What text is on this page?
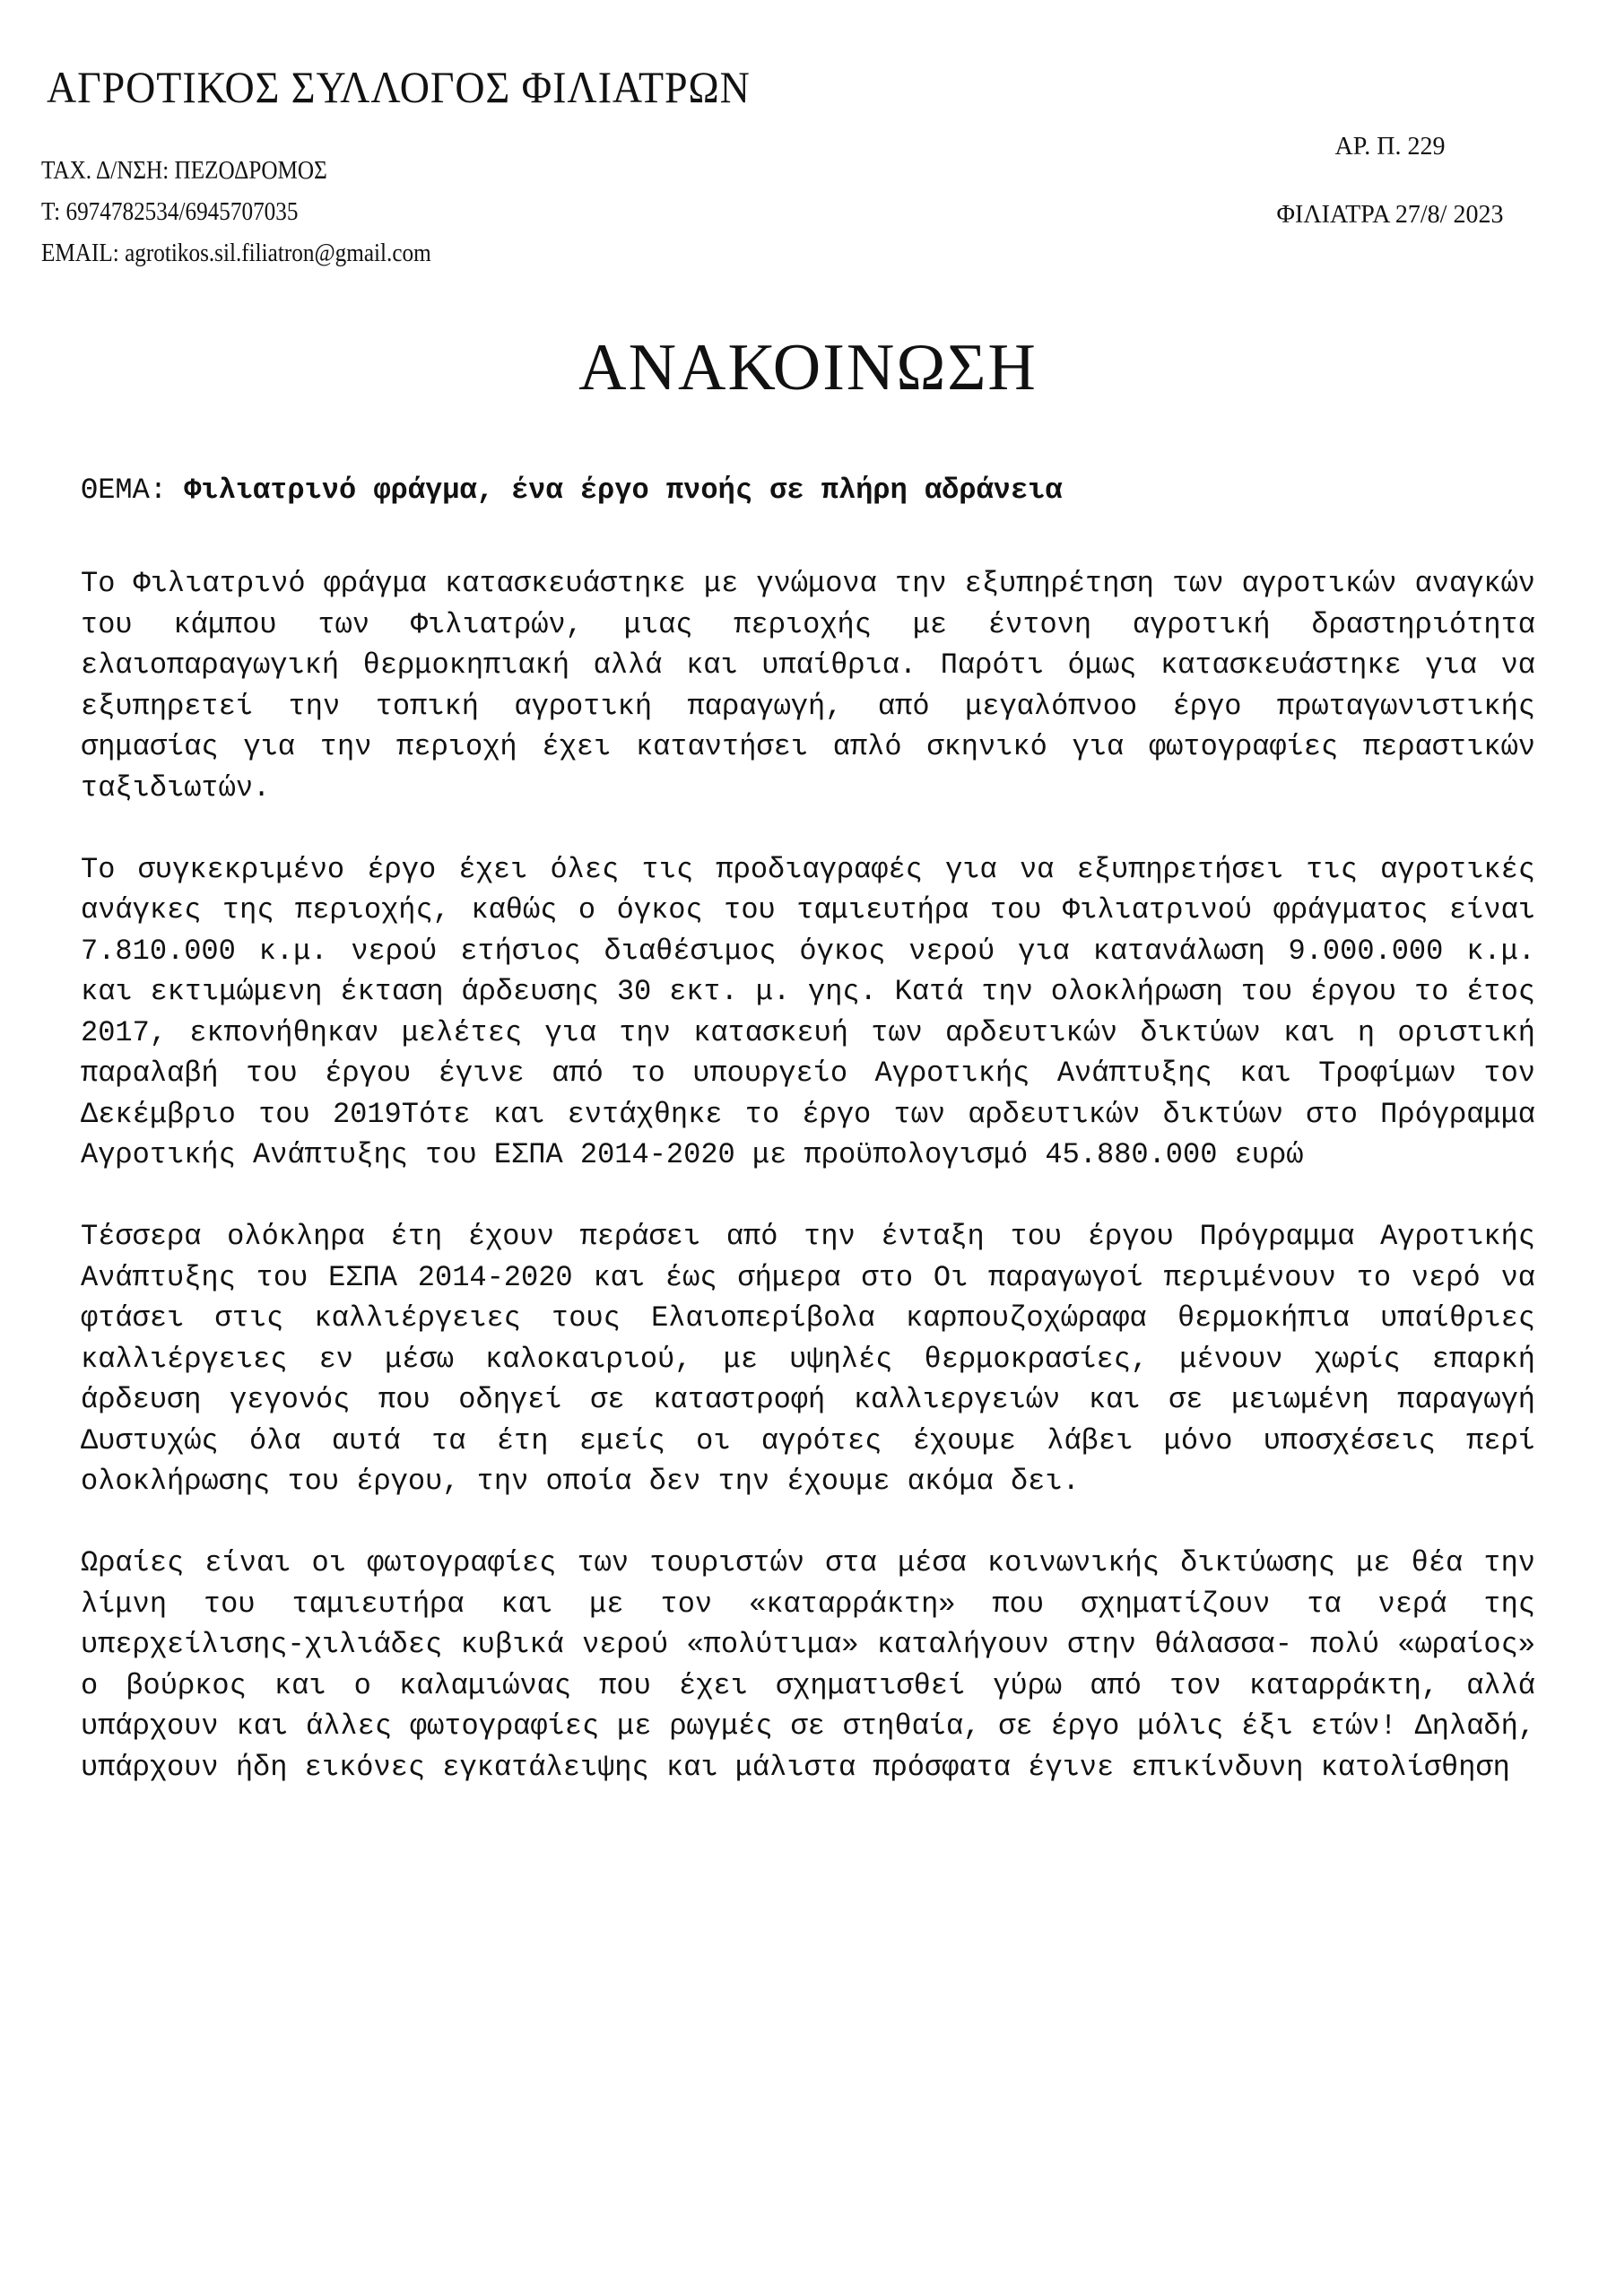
ΑΓΡΟΤΙΚΟΣ ΣΥΛΛΟΓΟΣ ΦΙΛΙΑΤΡΩΝ
ΤΑΧ. Δ/ΝΣΗ: ΠΕΖΟΔΡΟΜΟΣ
Τ: 6974782534/6945707035
EMAIL: agrotikos.sil.filiatron@gmail.com
ΑΡ. Π. 229
ΦΙΛΙΑΤΡΑ 27/8/ 2023
ΑΝΑΚΟΙΝΩΣΗ
ΘΕΜΑ: Φιλιατρινό φράγμα, ένα έργο πνοής σε πλήρη αδράνεια

Το Φιλιατρινό φράγμα κατασκευάστηκε με γνώμονα την εξυπηρέτηση των αγροτικών αναγκών του κάμπου των Φιλιατρών, μιας περιοχής με έντονη αγροτική δραστηριότητα ελαιοπαραγωγική θερμοκηπιακή αλλά και υπαίθρια. Παρότι όμως κατασκευάστηκε για να εξυπηρετεί την τοπική αγροτική παραγωγή, από μεγαλόπνοο έργο πρωταγωνιστικής σημασίας για την περιοχή έχει καταντήσει απλό σκηνικό για φωτογραφίες περαστικών ταξιδιωτών.

Το συγκεκριμένο έργο έχει όλες τις προδιαγραφές για να εξυπηρετήσει τις αγροτικές ανάγκες της περιοχής, καθώς ο όγκος του ταμιευτήρα του Φιλιατρινού φράγματος είναι 7.810.000 κ.μ. νερού ετήσιος διαθέσιμος όγκος νερού για κατανάλωση 9.000.000 κ.μ. και εκτιμώμενη έκταση άρδευσης 30 εκτ. μ. γης. Κατά την ολοκλήρωση του έργου το έτος 2017, εκπονήθηκαν μελέτες για την κατασκευή των αρδευτικών δικτύων και η οριστική παραλαβή του έργου έγινε από το υπουργείο Αγροτικής Ανάπτυξης και Τροφίμων τον Δεκέμβριο του 2019Τότε και εντάχθηκε το έργο των αρδευτικών δικτύων στο Πρόγραμμα Αγροτικής Ανάπτυξης του ΕΣΠΑ 2014-2020 με προϋπολογισμό 45.880.000 ευρώ

Τέσσερα ολόκληρα έτη έχουν περάσει από την ένταξη του έργου Πρόγραμμα Αγροτικής Ανάπτυξης του ΕΣΠΑ 2014-2020 και έως σήμερα στο Οι παραγωγοί περιμένουν το νερό να φτάσει στις καλλιέργειες τους Ελαιοπερίβολα καρπουζοχώραφα θερμοκήπια υπαίθριες καλλιέργειες εν μέσω καλοκαιριού, με υψηλές θερμοκρασίες, μένουν χωρίς επαρκή άρδευση γεγονός που οδηγεί σε καταστροφή καλλιεργειών και σε μειωμένη παραγωγή Δυστυχώς όλα αυτά τα έτη εμείς οι αγρότες έχουμε λάβει μόνο υποσχέσεις περί ολοκλήρωσης του έργου, την οποία δεν την έχουμε ακόμα δει.

Ωραίες είναι οι φωτογραφίες των τουριστών στα μέσα κοινωνικής δικτύωσης με θέα την λίμνη του ταμιευτήρα και με τον «καταρράκτη» που σχηματίζουν τα νερά της υπερχείλισης-χιλιάδες κυβικά νερού «πολύτιμα» καταλήγουν στην θάλασσα- πολύ «ωραίος» ο βούρκος και ο καλαμιώνας που έχει σχηματισθεί γύρω από τον καταρράκτη, αλλά υπάρχουν και άλλες φωτογραφίες με ρωγμές σε στηθαία, σε έργο μόλις έξι ετών! Δηλαδή, υπάρχουν ήδη εικόνες εγκατάλειψης και μάλιστα πρόσφατα έγινε επικίνδυνη κατολίσθηση
